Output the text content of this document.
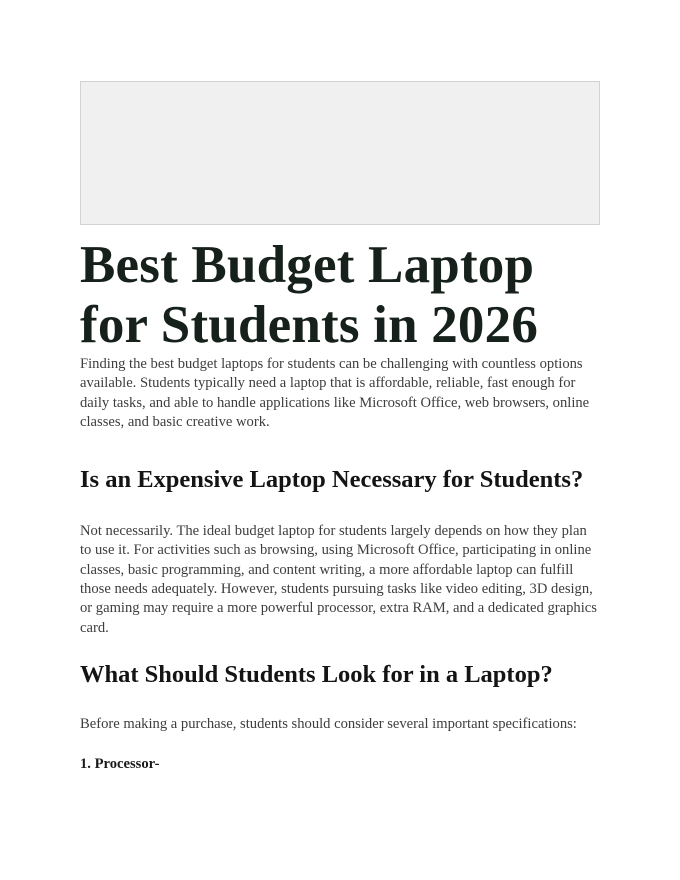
Best Budget Laptop for Students in 2026

Finding the best budget laptops for students can be challenging with countless options available. Students typically need a laptop that is affordable, reliable, fast enough for daily tasks, and able to handle applications like Microsoft Office, web browsers, online classes, and basic creative work.

Is an Expensive Laptop Necessary for Students?

Not necessarily. The ideal budget laptop for students largely depends on how they plan to use it. For activities such as browsing, using Microsoft Office, participating in online classes, basic programming, and content writing, a more affordable laptop can fulfill those needs adequately. However, students pursuing tasks like video editing, 3D design, or gaming may require a more powerful processor, extra RAM, and a dedicated graphics card.

What Should Students Look for in a Laptop?

Before making a purchase, students should consider several important specifications:

1. Processor-
